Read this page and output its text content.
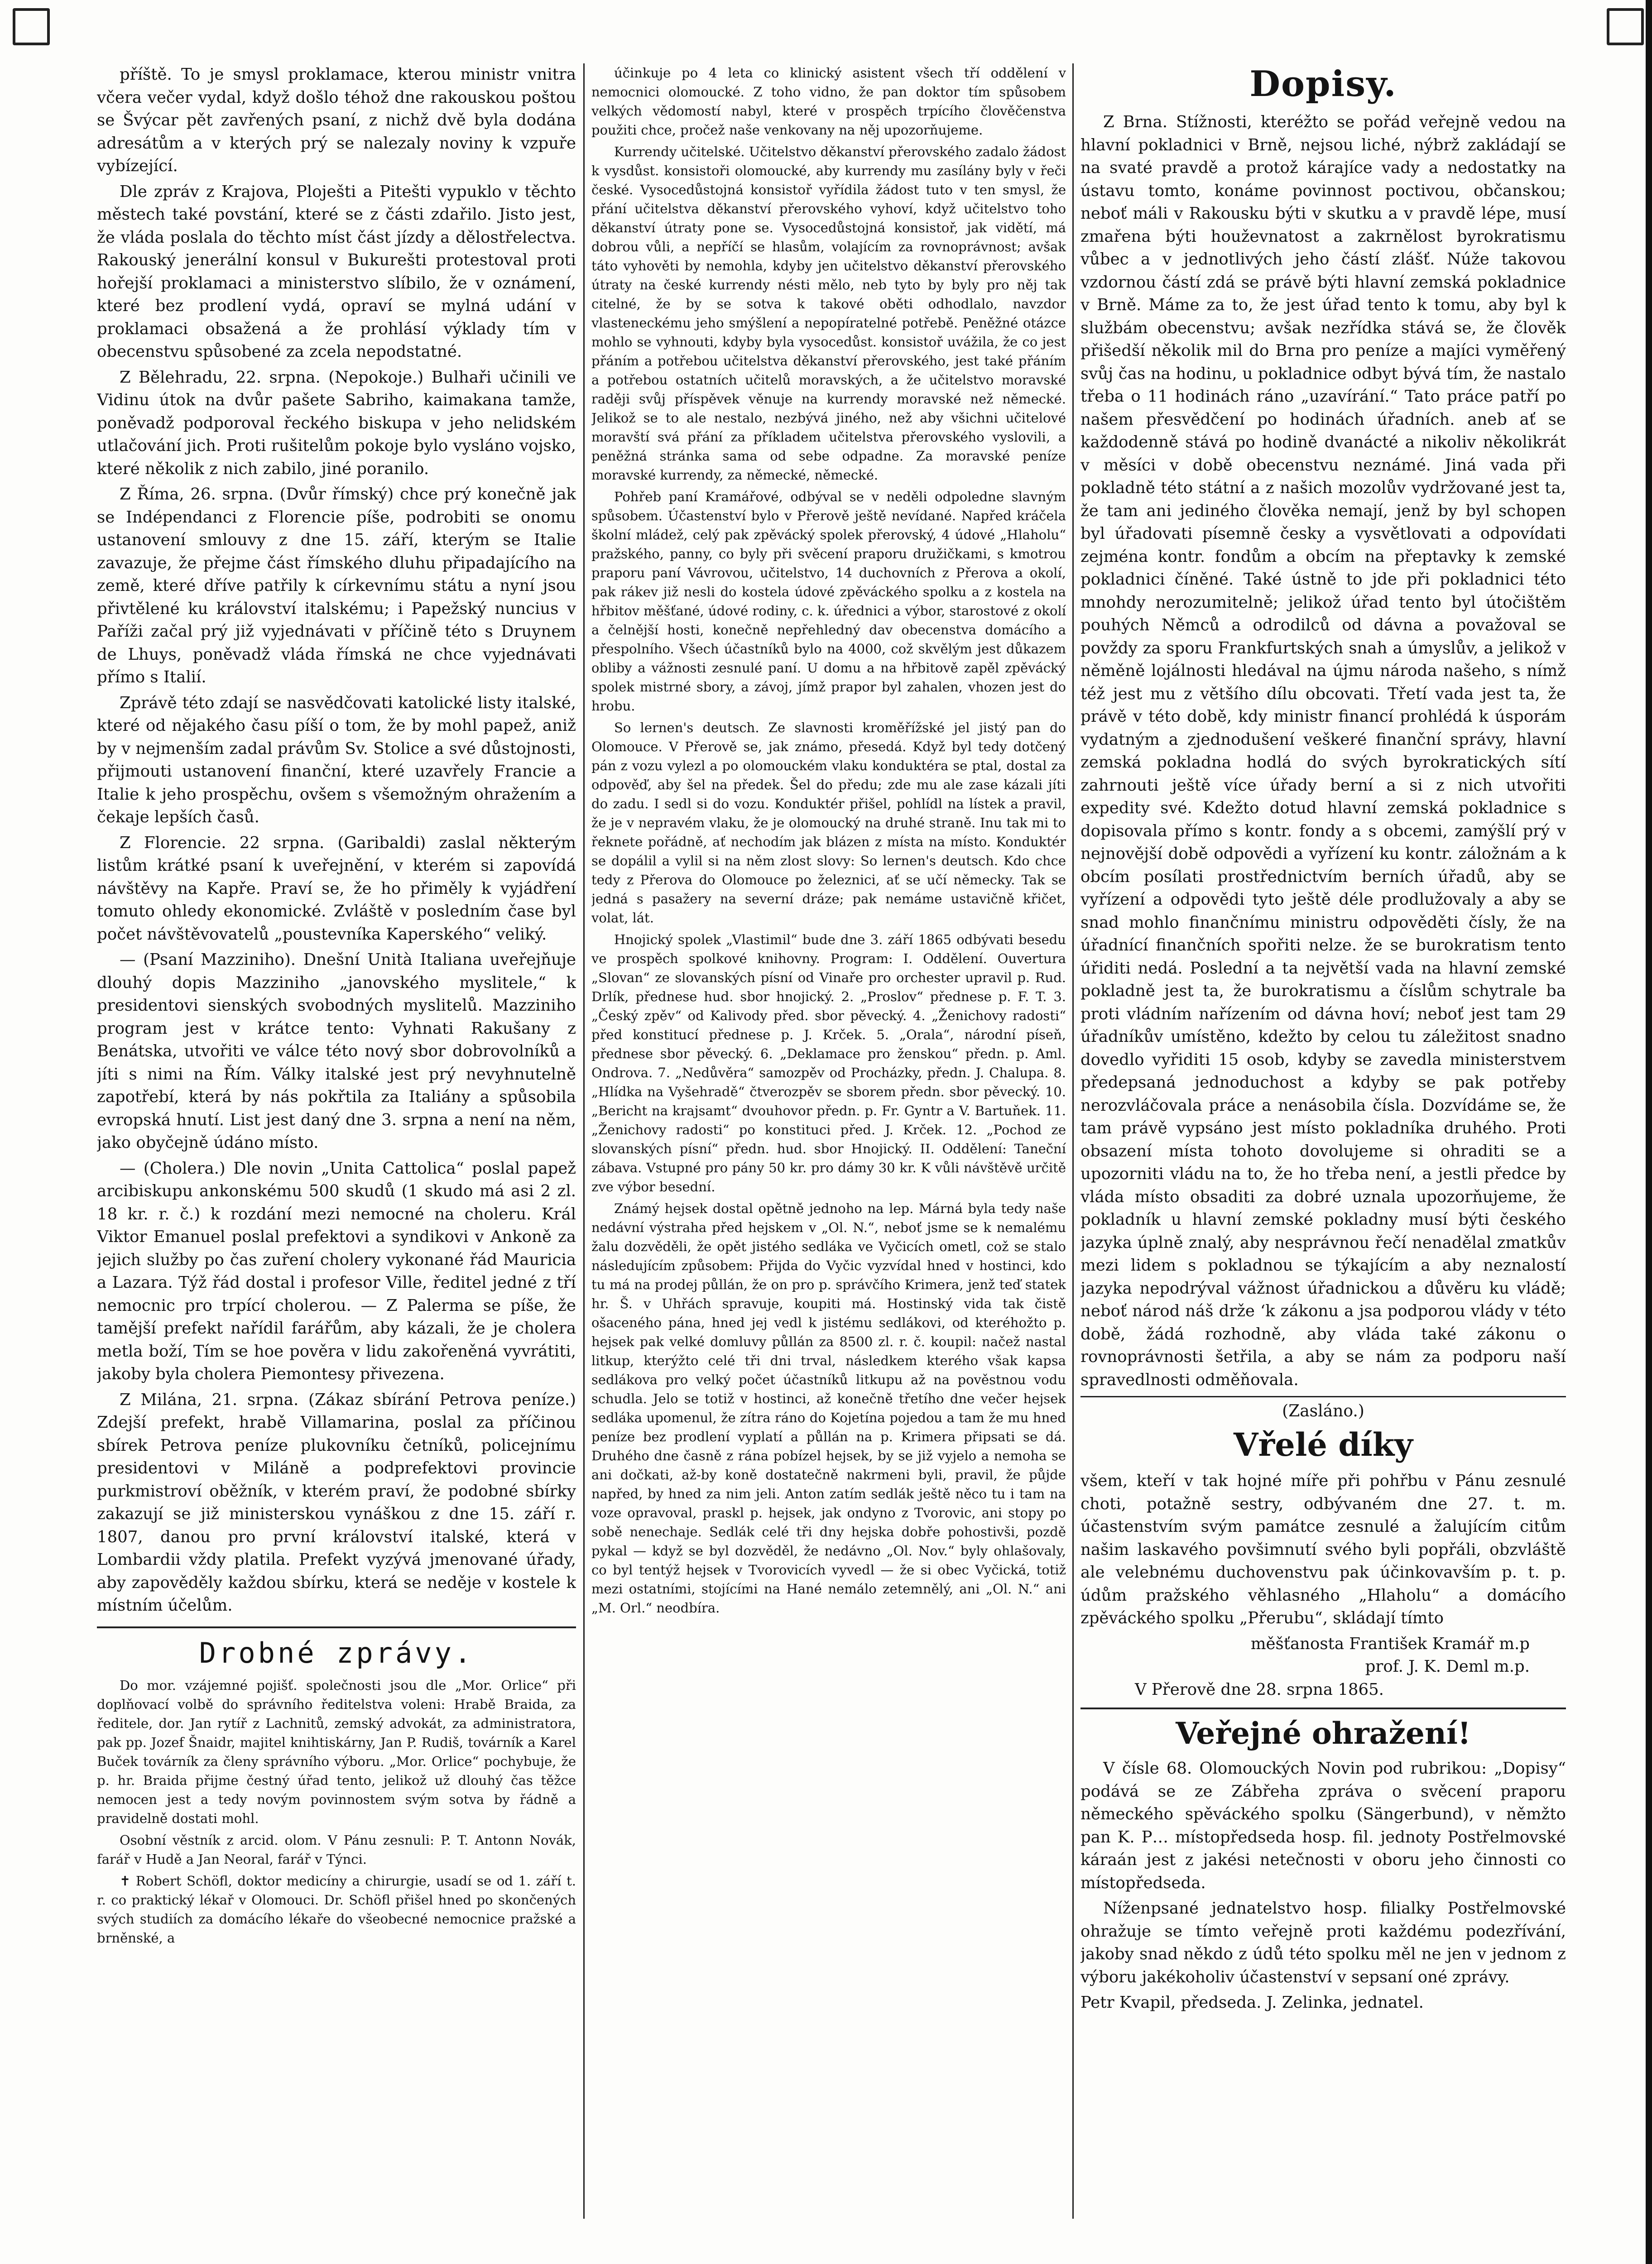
příště. To je smysl proklamace, kterou ministr vnitra včera večer vydal, když došlo téhož dne rakouskou poštou se Švýcar pět zavřených psaní, z nichž dvě byla dodána adresátům a v kterých prý se nalezaly noviny k vzpuře vybízející.

Dle zpráv z Krajova, Ploješti a Pitešti vypuklo v těchto městech také povstání, které se z části zdařilo. Jisto jest, že vláda poslala do těchto míst část jízdy a dělostřelectva. Rakouský jenerální konsul v Bukurešti protestoval proti hořejší proklamaci a ministerstvo slíbilo, že v oznámení, které bez prodlení vydá, opraví se mylná udání v proklamaci obsažená a že prohlásí výklady tím v obecenstvu spůsobené za zcela nepodstatné.

Z Bělehradu, 22. srpna. (Nepokoje.) Bulhaři učinili ve Vidinu útok na dvůr pašete Sabriho, kaimakana tamže, poněvadž podporoval řeckého biskupa v jeho nelidském utlačování jich. Proti rušitelům pokoje bylo vysláno vojsko, které několik z nich zabilo, jiné poranilo.

Z Říma, 26. srpna. (Dvůr římský) chce prý konečně jak se Indépendanci z Florencie píše, podrobiti se onomu ustanovení smlouvy z dne 15. září, kterým se Italie zavazuje, že přejme část římského dluhu připadajícího na země, které dříve patřily k církevnímu státu a nyní jsou přivtělené ku království italskému; i Papežský nuncius v Paříži začal prý již vyjednávati v příčině této s Druynem de Lhuys, poněvadž vláda římská ne chce vyjednávati přímo s Italií.

Zprávě této zdají se nasvědčovati katolické listy italské, které od nějakého času píší o tom, že by mohl papež, aniž by v nejmenším zadal právům Sv. Stolice a své důstojnosti, přijmouti ustanovení finanční, které uzavřely Francie a Italie k jeho prospěchu, ovšem s všemožným ohražením a čekaje lepších časů.

Z Florencie. 22 srpna. (Garibaldi) zaslal některým listům krátké psaní k uveřejnění, v kterém si zapovídá návštěvy na Kapře. Praví se, že ho přiměly k vyjádření tomuto ohledy ekonomické. Zvláště v posledním čase byl počet návštěvovatelů „poustevníka Kaperského“ veliký.

— (Psaní Mazziniho). Dnešní Unità Italiana uveřejňuje dlouhý dopis Mazziniho „janovského myslitele,“ k presidentovi sienských svobodných myslitelů. Mazziniho program jest v krátce tento: Vyhnati Rakušany z Benátska, utvořiti ve válce této nový sbor dobrovolníků a jíti s nimi na Řím. Války italské jest prý nevyhnutelně zapotřebí, která by nás pokřtila za Italiány a spůsobila evropská hnutí. List jest daný dne 3. srpna a není na něm, jako obyčejně údáno místo.

— (Cholera.) Dle novin „Unita Cattolica“ poslal papež arcibiskupu ankonskému 500 skudů (1 skudo má asi 2 zl. 18 kr. r. č.) k rozdání mezi nemocné na choleru. Král Viktor Emanuel poslal prefektovi a syndikovi v Ankoně za jejich služby po čas zuření cholery vykonané řád Mauricia a Lazara. Týž řád dostal i profesor Ville, ředitel jedné z tří nemocnic pro trpící cholerou. — Z Palerma se píše, že tamější prefekt nařídil farářům, aby kázali, že je cholera metla boží, Tím se hoe pověra v lidu zakořeněná vyvrátiti, jakoby byla cholera Piemontesy přivezena.

Z Milána, 21. srpna. (Zákaz sbírání Petrova peníze.) Zdejší prefekt, hrabě Villamarina, poslal za příčinou sbírek Petrova peníze plukovníku četníků, policejnímu presidentovi v Miláně a podprefektovi provincie purkmistroví oběžník, v kterém praví, že podobné sbírky zakazují se již ministerskou vynáškou z dne 15. září r. 1807, danou pro první království italské, která v Lombardii vždy platila. Prefekt vyzývá jmenované úřady, aby zapověděly každou sbírku, která se neděje v kostele k místním účelům.

Drobné zprávy.

Do mor. vzájemné pojišť. společnosti jsou dle „Mor. Orlice“ při doplňovací volbě do správního ředitelstva voleni: Hrabě Braida, za ředitele, dor. Jan rytíř z Lachnitů, zemský advokát, za administratora, pak pp. Jozef Šnaidr, majitel knihtiskárny, Jan P. Rudiš, továrník a Karel Buček továrník za členy správního výboru. „Mor. Orlice“ pochybuje, že p. hr. Braida přijme čestný úřad tento, jelikož už dlouhý čas těžce nemocen jest a tedy novým povinnostem svým sotva by řádně a pravidelně dostati mohl.

Osobní věstník z arcid. olom. V Pánu zesnuli: P. T. Antonn Novák, farář v Hudě a Jan Neoral, farář v Týnci.

✝ Robert Schöfl, doktor medicíny a chirurgie, usadí se od 1. září t. r. co praktický lékař v Olomouci. Dr. Schöfl přišel hned po skončených svých studiích za domácího lékaře do všeobecné nemocnice pražské a brněnské, a

účinkuje po 4 leta co klinický asistent všech tří oddělení v nemocnici olomoucké. Z toho vidno, že pan doktor tím spůsobem velkých vědomostí nabyl, které v prospěch trpícího člověčenstva použiti chce, pročež naše venkovany na něj upozorňujeme.

Kurrendy učitelské. Učitelstvo děkanství přerovského zadalo žádost k vysdůst. konsistoři olomoucké, aby kurrendy mu zasílány byly v řeči české. Vysocedůstojná konsistoř vyřídila žádost tuto v ten smysl, že přání učitelstva děkanství přerovského vyhoví, když učitelstvo toho děkanství útraty pone se. Vysocedůstojná konsistoř, jak vidětí, má dobrou vůli, a nepříčí se hlasům, volajícím za rovnoprávnost; avšak táto vyhověti by nemohla, kdyby jen učitelstvo děkanství přerovského útraty na české kurrendy nésti mělo, neb tyto by byly pro něj tak citelné, že by se sotva k takové oběti odhodlalo, navzdor vlasteneckému jeho smýšlení a nepopíratelné potřebě. Peněžné otázce mohlo se vyhnouti, kdyby byla vysocedůst. konsistoř uvážila, že co jest přáním a potřebou učitelstva děkanství přerovského, jest také přáním a potřebou ostatních učitelů moravských, a že učitelstvo moravské raději svůj příspěvek věnuje na kurrendy moravské než německé. Jelikož se to ale nestalo, nezbývá jiného, než aby všichni učitelové moravští svá přání za příkladem učitelstva přerovského vyslovili, a peněžná stránka sama od sebe odpadne. Za moravské peníze moravské kurrendy, za německé, německé.

Pohřeb paní Kramářové, odbýval se v neděli odpoledne slavným spůsobem. Účastenství bylo v Přerově ještě nevídané. Napřed kráčela školní mládež, celý pak zpěvácký spolek přerovský, 4 údové „Hlaholu“ pražského, panny, co byly při svěcení praporu družičkami, s kmotrou praporu paní Vávrovou, učitelstvo, 14 duchovních z Přerova a okolí, pak rákev již nesli do kostela údové zpěváckého spolku a z kostela na hřbitov měšťané, údové rodiny, c. k. úřednici a výbor, starostové z okolí a čelnější hosti, konečně nepřehledný dav obecenstva domácího a přespolního. Všech účastníků bylo na 4000, což skvělým jest důkazem obliby a vážnosti zesnulé paní. U domu a na hřbitově zapěl zpěvácký spolek mistrné sbory, a závoj, jímž prapor byl zahalen, vhozen jest do hrobu.

So lernen's deutsch. Ze slavnosti kroměřížské jel jistý pan do Olomouce. V Přerově se, jak známo, přesedá. Když byl tedy dotčený pán z vozu vylezl a po olomouckém vlaku konduktéra se ptal, dostal za odpověď, aby šel na předek. Šel do předu; zde mu ale zase kázali jíti do zadu. I sedl si do vozu. Konduktér přišel, pohlídl na lístek a pravil, že je v nepravém vlaku, že je olomoucký na druhé straně. Inu tak mi to řeknete pořádně, ať nechodím jak blázen z místa na místo. Konduktér se dopálil a vylil si na něm zlost slovy: So lernen's deutsch. Kdo chce tedy z Přerova do Olomouce po železnici, ať se učí německy. Tak se jedná s pasažery na severní dráze; pak nemáme ustavičně křičet, volat, lát.

Hnojický spolek „Vlastimil“ bude dne 3. září 1865 odbývati besedu ve prospěch spolkové knihovny. Program: I. Oddělení. Ouvertura „Slovan“ ze slovanských písní od Vinaře pro orchester upravil p. Rud. Drlík, přednese hud. sbor hnojický. 2. „Proslov“ přednese p. F. T. 3. „Český zpěv“ od Kalivody před. sbor pěvecký. 4. „Ženichovy radosti“ před konstitucí přednese p. J. Krček. 5. „Orala“, národní píseň, přednese sbor pěvecký. 6. „Deklamace pro ženskou“ předn. p. Aml. Ondrova. 7. „Nedůvěra“ samozpěv od Procházky, předn. J. Chalupa. 8. „Hlídka na Vyšehradě“ čtverozpěv se sborem předn. sbor pěvecký. 10. „Bericht na krajsamt“ dvouhovor předn. p. Fr. Gyntr a V. Bartuňek. 11. „Ženichovy radosti“ po konstituci před. J. Krček. 12. „Pochod ze slovanských písní“ předn. hud. sbor Hnojický. II. Oddělení: Taneční zábava. Vstupné pro pány 50 kr. pro dámy 30 kr. K vůli návštěvě určitě zve výbor besední.

Známý hejsek dostal opětně jednoho na lep. Márná byla tedy naše nedávní výstraha před hejskem v „Ol. N.“, neboť jsme se k nemalému žalu dozvěděli, že opět jistého sedláka ve Vyčicích ometl, což se stalo následujícím způsobem: Přijda do Vyčic vyzvídal hned v hostinci, kdo tu má na prodej půllán, že on pro p. správčího Krimera, jenž teď statek hr. Š. v Uhřách spravuje, koupiti má. Hostinský vida tak čistě ošaceného pána, hned jej vedl k jistému sedlákovi, od kteréhožto p. hejsek pak velké domluvy půllán za 8500 zl. r. č. koupil: načež nastal litkup, kterýžto celé tři dni trval, následkem kterého však kapsa sedlákova pro velký počet účastníků litkupu až na pověstnou vodu schudla. Jelo se totiž v hostinci, až konečně třetího dne večer hejsek sedláka upomenul, že zítra ráno do Kojetína pojedou a tam že mu hned peníze bez prodlení vyplatí a půllán na p. Krimera připsati se dá. Druhého dne časně z rána pobízel hejsek, by se již vyjelo a nemoha se ani dočkati, až-by koně dostatečně nakrmeni byli, pravil, že půjde napřed, by hned za nim jeli. Anton zatím sedlák ještě něco tu i tam na voze opravoval, praskl p. hejsek, jak ondyno z Tvorovic, ani stopy po sobě nenechaje. Sedlák celé tři dny hejska dobře pohostivši, pozdě pykal — když se byl dozvěděl, že nedávno „Ol. Nov.“ byly ohlašovaly, co byl tentýž hejsek v Tvorovicích vyvedl — že si obec Vyčická, totiž mezi ostatními, stojícími na Hané nemálo zetemnělý, ani „Ol. N.“ ani „M. Orl.“ neodbíra.

Dopisy.

Z Brna. Stížnosti, kteréžto se pořád veřejně vedou na hlavní pokladnici v Brně, nejsou liché, nýbrž zakládají se na svaté pravdě a protož kárajíce vady a nedostatky na ústavu tomto, konáme povinnost poctivou, občanskou; neboť máli v Rakousku býti v skutku a v pravdě lépe, musí zmařena býti houževnatost a zakrnělost byrokratismu vůbec a v jednotlivých jeho částí zlášť. Núže takovou vzdornou částí zdá se právě býti hlavní zemská pokladnice v Brně. Máme za to, že jest úřad tento k tomu, aby byl k službám obecenstvu; avšak nezřídka stává se, že člověk přišedší několik mil do Brna pro peníze a majíci vyměřený svůj čas na hodinu, u pokladnice odbyt bývá tím, že nastalo třeba o 11 hodinách ráno „uzavírání.“ Tato práce patří po našem přesvědčení po hodinách úřadních. aneb ať se každodenně stává po hodině dvanácté a nikoliv několikrát v měsíci v době obecenstvu neznámé. Jiná vada při pokladně této státní a z našich mozolův vydržované jest ta, že tam ani jediného člověka nemají, jenž by byl schopen byl úřadovati písemně česky a vysvětlovati a odpovídati zejména kontr. fondům a obcím na přeptavky k zemské pokladnici číněné. Také ústně to jde při pokladnici této mnohdy nerozumitelně; jelikož úřad tento byl útočištěm pouhých Němců a odrodilců od dávna a považoval se povždy za sporu Frankfurtských snah a úmyslův, a jelikož v něměně lojálnosti hledával na újmu národa našeho, s nímž též jest mu z většího dílu obcovati. Třetí vada jest ta, že právě v této době, kdy ministr financí prohlédá k úsporám vydatným a zjednodušení veškeré finanční správy, hlavní zemská pokladna hodlá do svých byrokratických sítí zahrnouti ještě více úřady berní a si z nich utvořiti expedity své. Kdežto dotud hlavní zemská pokladnice s dopisovala přímo s kontr. fondy a s obcemi, zamýšlí prý v nejnovější době odpovědi a vyřízení ku kontr. záložnám a k obcím posílati prostřednictvím berních úřadů, aby se vyřízení a odpovědi tyto ještě déle prodlužovaly a aby se snad mohlo finančnímu ministru odpověděti čísly, že na úřadnící finančních spořiti nelze. že se burokratism tento úřiditi nedá. Poslední a ta největší vada na hlavní zemské pokladně jest ta, že burokratismu a číslům schytrale ba proti vládním nařízením od dávna hoví; neboť jest tam 29 úřadníkův umístěno, kdežto by celou tu záležitost snadno dovedlo vyřiditi 15 osob, kdyby se zavedla ministerstvem předepsaná jednoduchost a kdyby se pak potřeby nerozvláčovala práce a nenásobila čísla. Dozvídáme se, že tam právě vypsáno jest místo pokladníka druhého. Proti obsazení místa tohoto dovolujeme si ohraditi se a upozorniti vládu na to, že ho třeba není, a jestli předce by vláda místo obsaditi za dobré uznala upozorňujeme, že pokladník u hlavní zemské pokladny musí býti českého jazyka úplně znalý, aby nesprávnou řečí nenadělal zmatkův mezi lidem s pokladnou se týkajícím a aby neznalostí jazyka nepodrýval vážnost úřadnickou a důvěru ku vládě; neboť národ náš drže ‘k zákonu a jsa podporou vlády v této době, žádá rozhodně, aby vláda také zákonu o rovnoprávnosti šetřila, a aby se nám za podporu naší spravedlnosti odměňovala.

(Zasláno.)
Vřelé díky

všem, kteří v tak hojné míře při pohřbu v Pánu zesnulé choti, potažně sestry, odbývaném dne 27. t. m. účastenstvím svým památce zesnulé a žalujícím citům našim laskavého povšimnutí svého byli popřáli, obzvláště ale velebnému duchovenstvu pak účinkovavším p. t. p. údům pražského věhlasného „Hlaholu“ a domácího zpěváckého spolku „Přerubu“, skládají tímto

měšťanosta František Kramář m.p
prof. J. K. Deml m.p.
V Přerově dne 28. srpna 1865.
Veřejné ohražení!

V čísle 68. Olomouckých Novin pod rubrikou: „Dopisy“ podává se ze Zábřeha zpráva o svěcení praporu německého spěváckého spolku (Sängerbund), v němžto pan K. P… místopředseda hosp. fil. jednoty Postřelmovské káraán jest z jakési netečnosti v oboru jeho činnosti co místopředseda.

Níženpsané jednatelstvo hosp. filialky Postřelmovské ohražuje se tímto veřejně proti každému podezřívání, jakoby snad někdo z údů této spolku měl ne jen v jednom z výboru jakékoholiv účastenství v sepsaní oné zprávy.

Petr Kvapil, předseda. J. Zelinka, jednatel.
